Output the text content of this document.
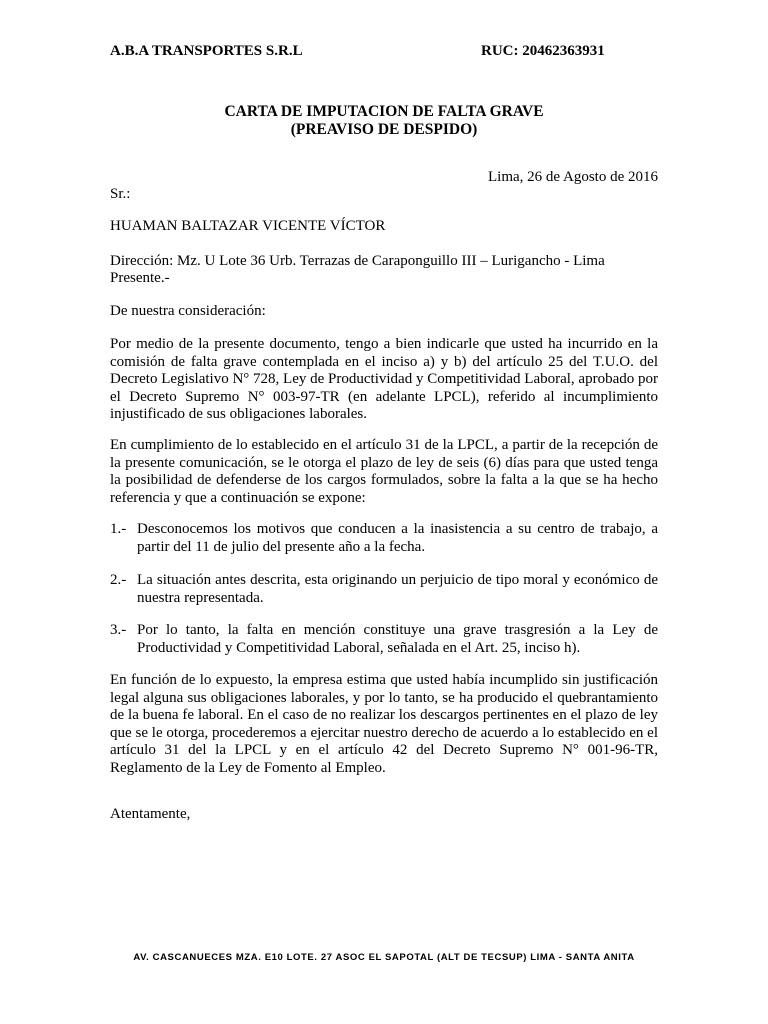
A.B.A TRANSPORTES S.R.L	RUC: 20462363931
CARTA DE IMPUTACION DE FALTA GRAVE
(PREAVISO DE DESPIDO)
Lima, 26 de Agosto de 2016
Sr.:
HUAMAN BALTAZAR VICENTE VÍCTOR
Dirección: Mz. U Lote 36 Urb. Terrazas de Caraponguillo III – Lurigancho - Lima
Presente.-
De nuestra consideración:
Por medio de la presente documento, tengo a bien indicarle que usted ha incurrido en la comisión de falta grave contemplada en el inciso a) y b) del artículo 25 del T.U.O. del Decreto Legislativo N° 728, Ley de Productividad y Competitividad Laboral, aprobado por el Decreto Supremo N° 003-97-TR (en adelante LPCL), referido al incumplimiento injustificado de sus obligaciones laborales.
En cumplimiento de lo establecido en el artículo 31 de la LPCL, a partir de la recepción de la presente comunicación, se le otorga el plazo de ley de seis (6) días para que usted tenga la posibilidad de defenderse de los cargos formulados, sobre la falta a la que se ha hecho referencia y que a continuación se expone:
1.- Desconocemos los motivos que conducen a la inasistencia a su centro de trabajo, a partir del 11 de julio del presente año a la fecha.
2.- La situación antes descrita, esta originando un perjuicio de tipo moral y económico de nuestra representada.
3.- Por lo tanto, la falta en mención constituye una grave trasgresión a la Ley de Productividad y Competitividad Laboral, señalada en el Art. 25, inciso h).
En función de lo expuesto, la empresa estima que usted había incumplido sin justificación legal alguna sus obligaciones laborales, y por lo tanto, se ha producido el quebrantamiento de la buena fe laboral. En el caso de no realizar los descargos pertinentes en el plazo de ley que se le otorga, procederemos a ejercitar nuestro derecho de acuerdo a lo establecido en el artículo 31 del la LPCL y en el artículo 42 del Decreto Supremo N° 001-96-TR, Reglamento de la Ley de Fomento al Empleo.
Atentamente,
AV. CASCANUECES MZA. E10 LOTE. 27 ASOC EL SAPOTAL (ALT DE TECSUP) LIMA - SANTA ANITA
